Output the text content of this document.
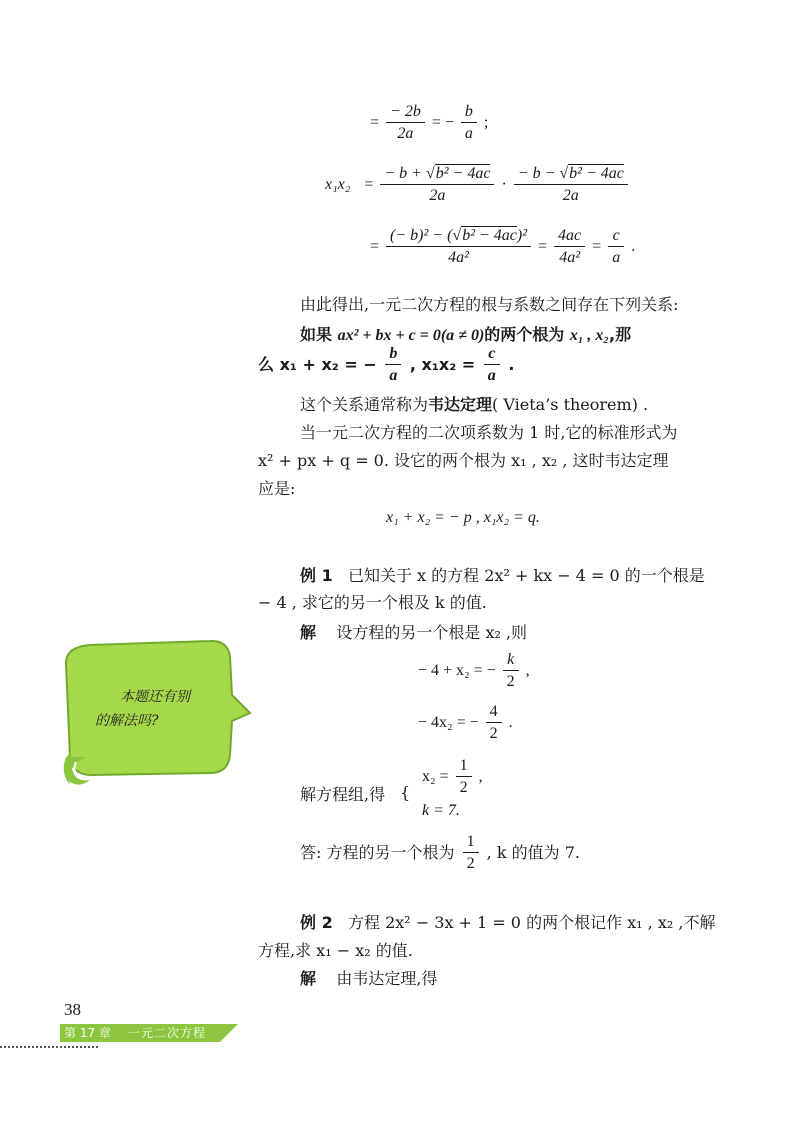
= $\frac{- 2b}{2a}$ = − $\frac{b}{a}$ ;
$x_1x_2 = \frac{\text{− b + √b² − 4ac}}{2a} \cdot \frac{\text{− b − √b² − 4ac}}{2a}$
= $\frac{\text{(− b)² − (√b² − 4ac)²}}{\text{4a²}} = \frac{4ac}{\text{4a²}} = \frac{c}{a}$ .
由此得出,一元二次方程的根与系数之间存在下列关系:
如果 ax² + bx + c = 0(a ≠ 0)的两个根为 x₁ , x₂,那
么 x₁ + x₂ = − $\frac{b}{a}$ , $x_1x_2 = \frac{c}{a}$ .
这个关系通常称为韦达定理( Vieta’s theorem) .
当一元二次方程的二次项系数为 1 时,它的标准形式为
x² + px + q = 0. 设它的两个根为 x₁ , x₂ , 这时韦达定理
应是:
x₁ + x₂ = − p , x₁x₂ = q.
例 1 已知关于 x 的方程 2x² + kx − 4 = 0 的一个根是
− 4 , 求它的另一个根及 k 的值.
解 设方程的另一个根是 x₂ ,则
− 4 + x₂ = − $\frac{k}{2}$ ,
− 4x₂ = − $\frac{4}{2}$ .
解方程组,得 {
$x_2 = \frac{1}{2}$ ,
k = 7.
答: 方程的另一个根为 $\frac{1}{2}$ , k 的值为 7.
例 2 方程 2x² − 3x + 1 = 0 的两个根记作 x₁ , x₂ ,不解
方程,求 x₁ − x₂ 的值.
解 由韦达定理,得
本题还有别
的解法吗?
38
第 17 章 一元二次方程
